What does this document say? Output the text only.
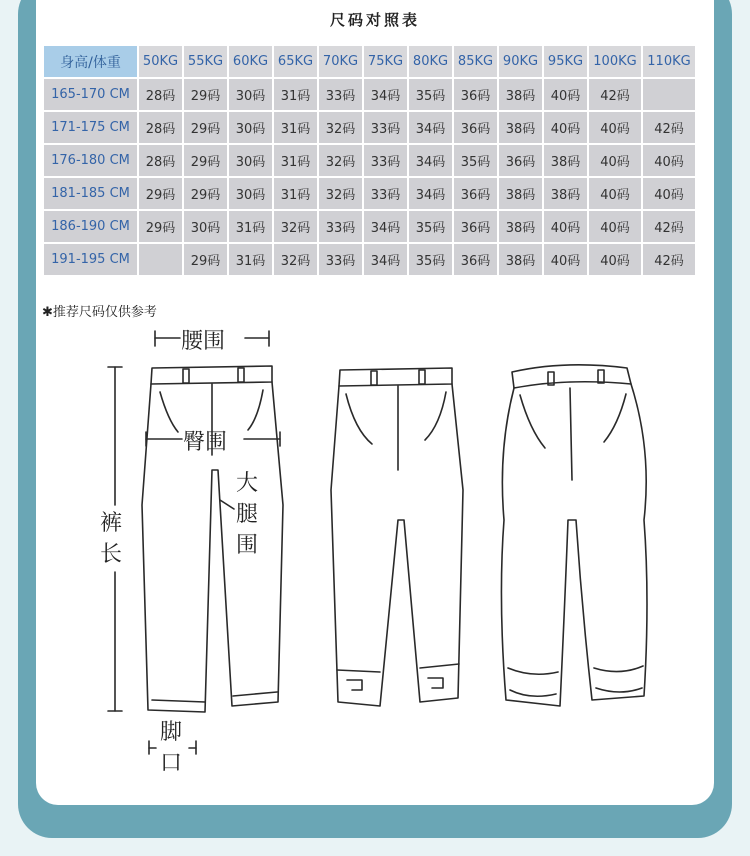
尺码对照表
身高/体重	50KG	55KG	60KG	65KG	70KG	75KG	80KG	85KG	90KG	95KG	100KG	110KG
165-170 CM	28码	29码	30码	31码	33码	34码	35码	36码	38码	40码	42码	
171-175 CM	28码	29码	30码	31码	32码	33码	34码	36码	38码	40码	40码	42码
176-180 CM	28码	29码	30码	31码	32码	33码	34码	35码	36码	38码	40码	40码
181-185 CM	29码	29码	30码	31码	32码	33码	34码	36码	38码	38码	40码	40码
186-190 CM	29码	30码	31码	32码	33码	34码	35码	36码	38码	40码	40码	42码
191-195 CM		29码	31码	32码	33码	34码	35码	36码	38码	40码	40码	42码
✱推荐尺码仅供参考
腰围
臀围
大
腿
围
裤
长
脚
口
